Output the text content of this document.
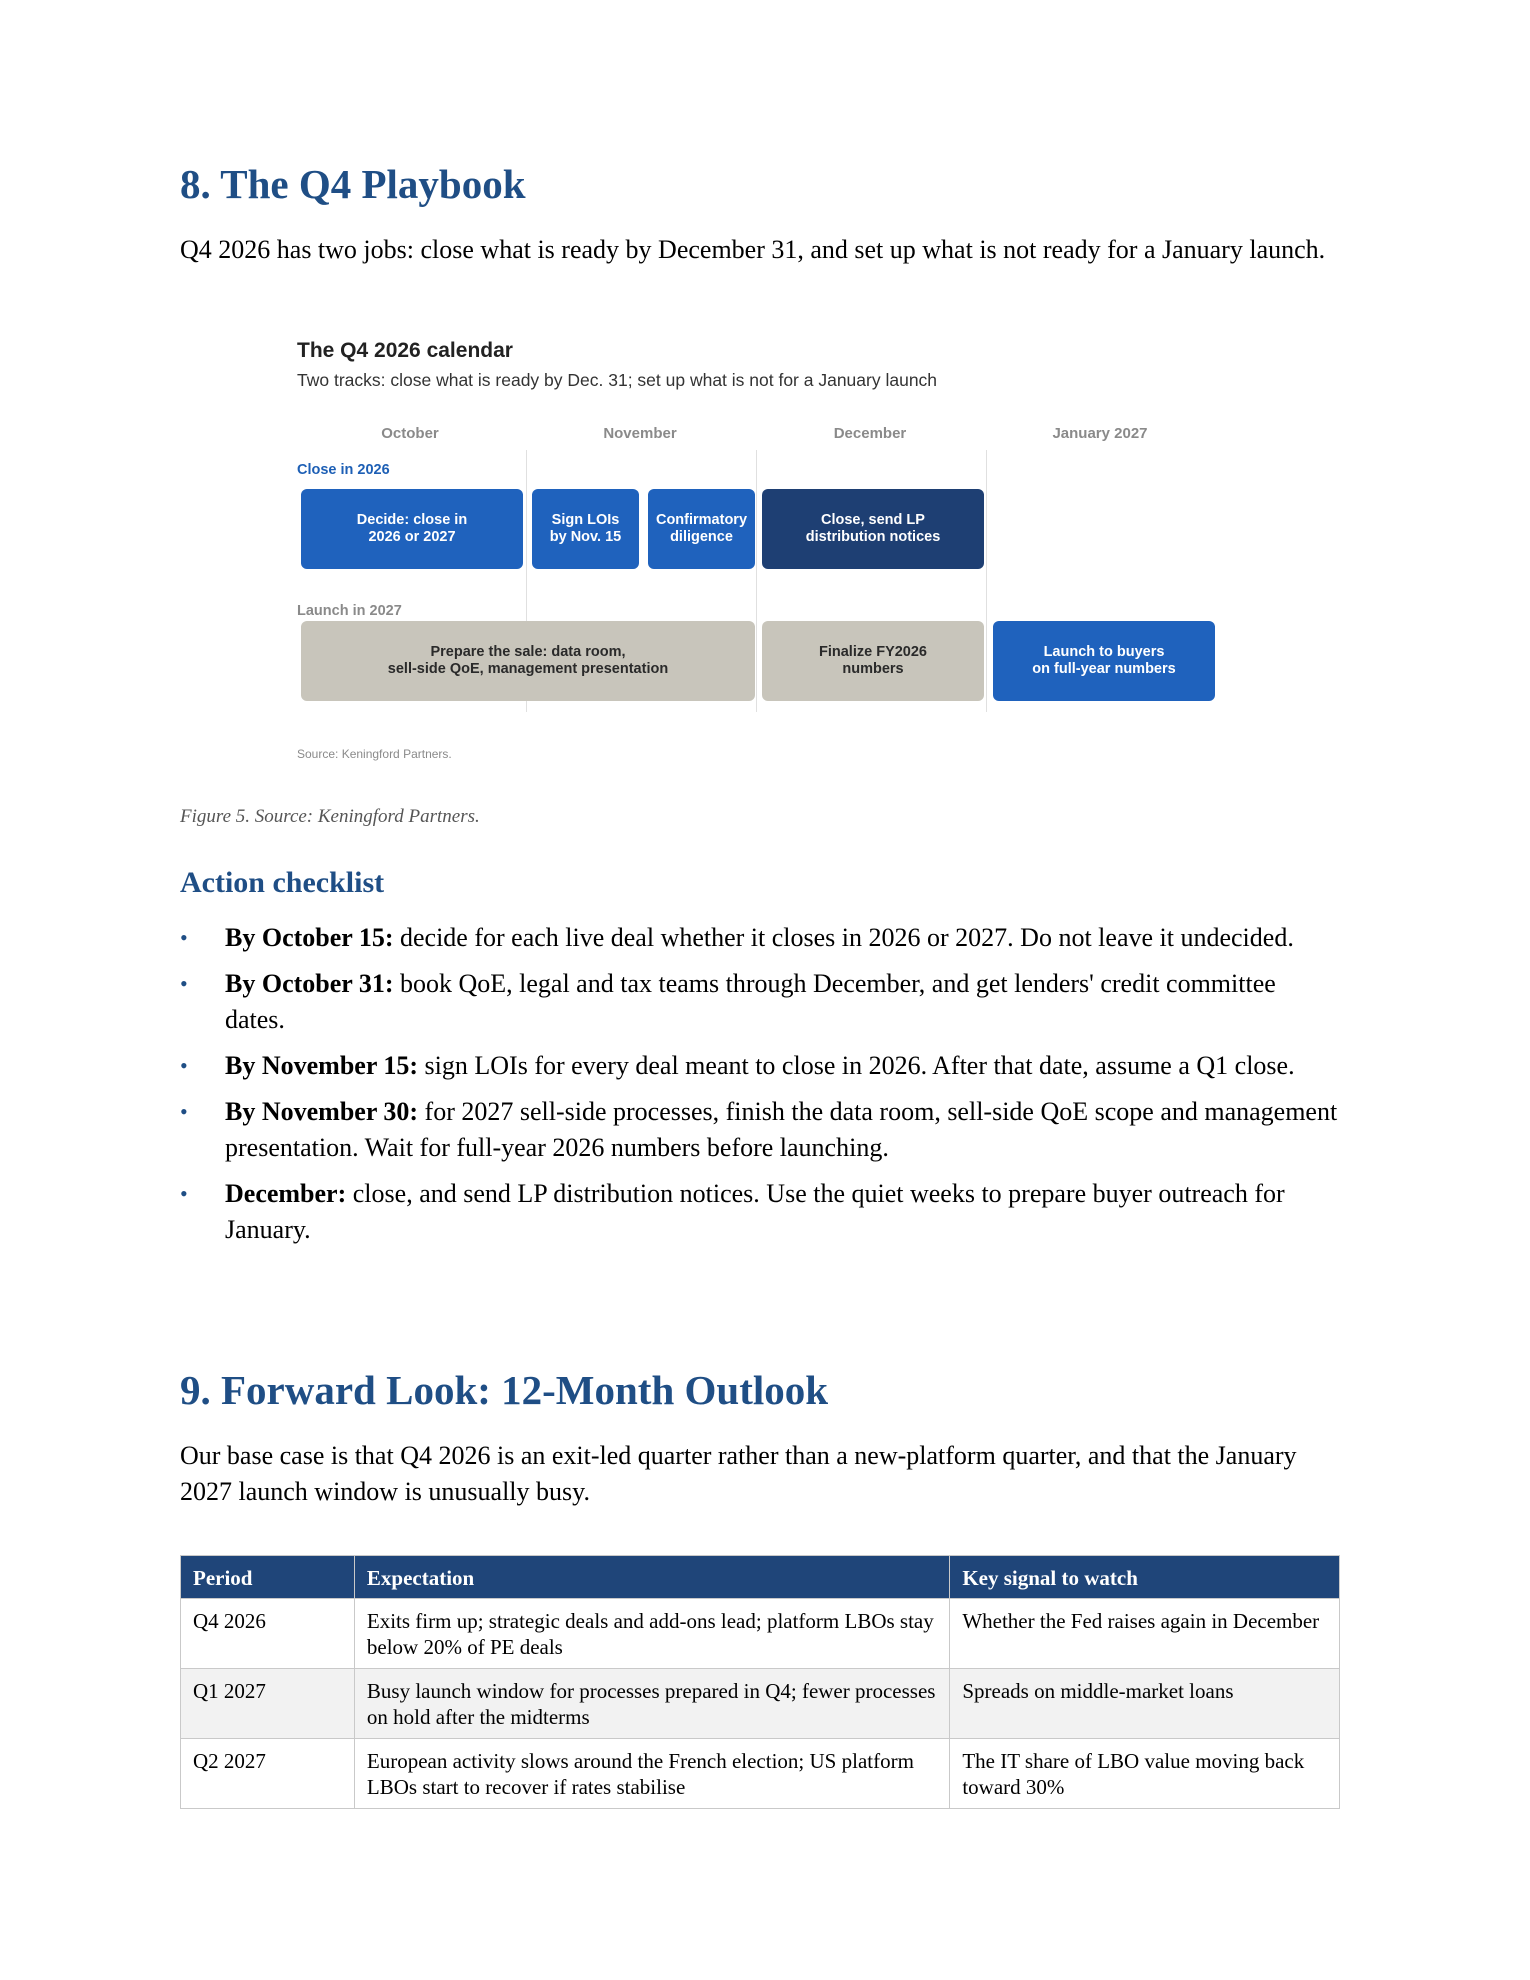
8. The Q4 Playbook

Q4 2026 has two jobs: close what is ready by December 31, and set up what is not ready for a January launch.

The Q4 2026 calendar
Two tracks: close what is ready by Dec. 31; set up what is not for a January launch
October	November	December	January 2027
Close in 2026
Decide: close in
2026 or 2027
Sign LOIs
by Nov. 15
Confirmatory
diligence
Close, send LP
distribution notices
Launch in 2027
Prepare the sale: data room,
sell-side QoE, management presentation
Finalize FY2026
numbers
Launch to buyers
on full-year numbers
Source: Keningford Partners.
Figure 5. Source: Keningford Partners.
Action checklist
• By October 15: decide for each live deal whether it closes in 2026 or 2027. Do not leave it undecided.
• By October 31: book QoE, legal and tax teams through December, and get lenders' credit committee dates.
• By November 15: sign LOIs for every deal meant to close in 2026. After that date, assume a Q1 close.
• By November 30: for 2027 sell-side processes, finish the data room, sell-side QoE scope and management presentation. Wait for full-year 2026 numbers before launching.
• December: close, and send LP distribution notices. Use the quiet weeks to prepare buyer outreach for January.
9. Forward Look: 12-Month Outlook

Our base case is that Q4 2026 is an exit-led quarter rather than a new-platform quarter, and that the January 2027 launch window is unusually busy.

Period	Expectation	Key signal to watch
Q4 2026	Exits firm up; strategic deals and add-ons lead; platform LBOs stay below 20% of PE deals	Whether the Fed raises again in December
Q1 2027	Busy launch window for processes prepared in Q4; fewer processes on hold after the midterms	Spreads on middle-market loans
Q2 2027	European activity slows around the French election; US platform LBOs start to recover if rates stabilise	The IT share of LBO value moving back toward 30%
